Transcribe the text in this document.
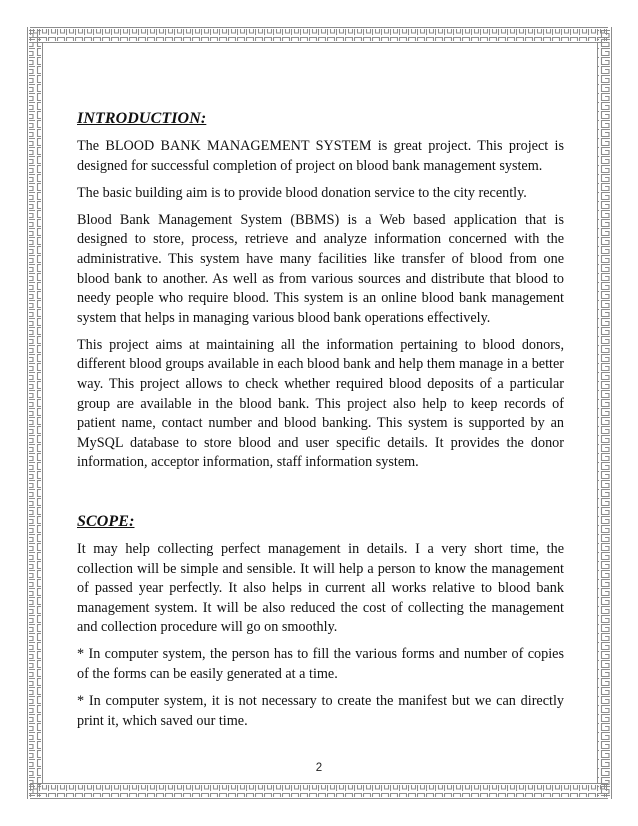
INTRODUCTION:

The BLOOD BANK MANAGEMENT SYSTEM is great project. This project is designed for successful completion of project on blood bank management system.

The basic building aim is to provide blood donation service to the city recently.

Blood Bank Management System (BBMS) is a Web based application that is designed to store, process, retrieve and analyze information concerned with the administrative. This system have many facilities like transfer of blood from one blood bank to another. As well as from various sources and distribute that blood to needy people who require blood. This system is an online blood bank management system that helps in managing various blood bank operations effectively.

This project aims at maintaining all the information pertaining to blood donors, different blood groups available in each blood bank and help them manage in a better way. This project allows to check whether required blood deposits of a particular group are available in the blood bank. This project also help to keep records of patient name, contact number and blood banking. This system is supported by an MySQL database to store blood and user specific details. It provides the donor information, acceptor information, staff information system.

SCOPE:

It may help collecting perfect management in details. I a very short time, the collection will be simple and sensible. It will help a person to know the management of passed year perfectly. It also helps in current all works relative to blood bank management system. It will be also reduced the cost of collecting the management and collection procedure will go on smoothly.

* In computer system, the person has to fill the various forms and number of copies of the forms can be easily generated at a time.

* In computer system, it is not necessary to create the manifest but we can directly print it, which saved our time.

2
